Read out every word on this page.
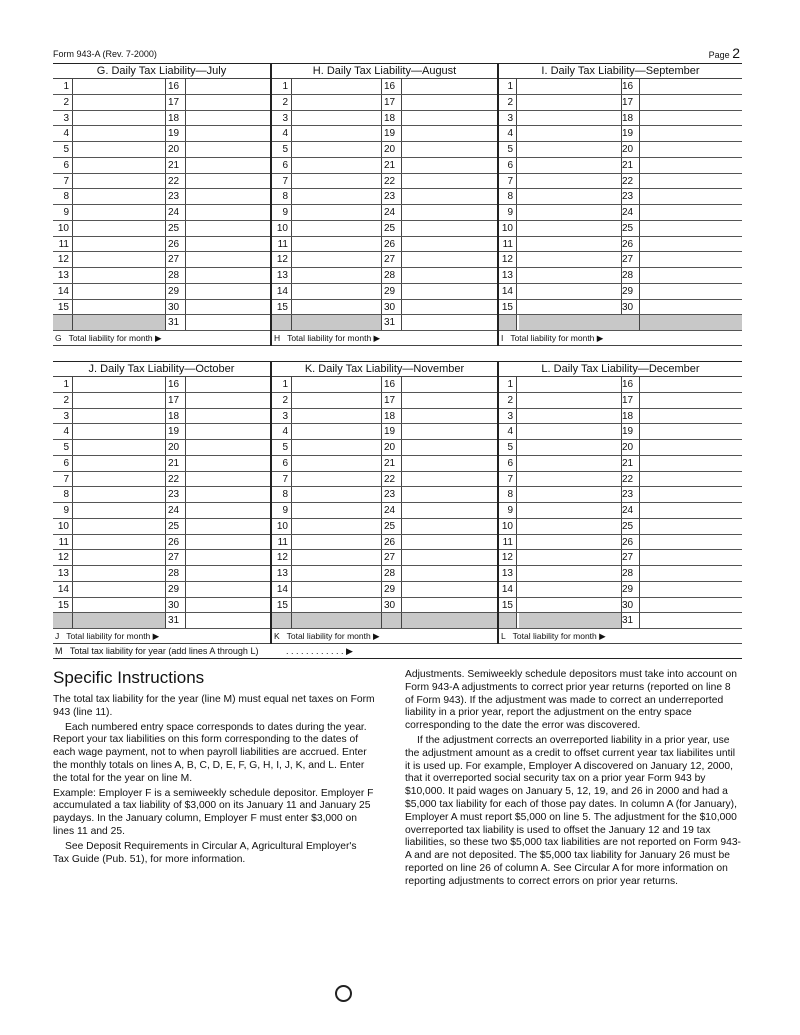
Form 943-A (Rev. 7-2000)	Page 2
G. Daily Tax Liability—July
1	16
2	17
3	18
4	19
5	20
6	21
7	22
8	23
9	24
10	25
11	26
12	27
13	28
14	29
15	30
31
G Total liability for month ▶
H. Daily Tax Liability—August
1	16
2	17
3	18
4	19
5	20
6	21
7	22
8	23
9	24
10	25
11	26
12	27
13	28
14	29
15	30
31
H Total liability for month ▶
I. Daily Tax Liability—September
1	16
2	17
3	18
4	19
5	20
6	21
7	22
8	23
9	24
10	25
11	26
12	27
13	28
14	29
15	30
I Total liability for month ▶
J. Daily Tax Liability—October
1	16
2	17
3	18
4	19
5	20
6	21
7	22
8	23
9	24
10	25
11	26
12	27
13	28
14	29
15	30
31
J Total liability for month ▶
K. Daily Tax Liability—November
1	16
2	17
3	18
4	19
5	20
6	21
7	22
8	23
9	24
10	25
11	26
12	27
13	28
14	29
15	30
K Total liability for month ▶
L. Daily Tax Liability—December
1	16
2	17
3	18
4	19
5	20
6	21
7	22
8	23
9	24
10	25
11	26
12	27
13	28
14	29
15	30
31
L Total liability for month ▶
M Total tax liability for year (add lines A through L)	. . . . . . . . . . . . ▶
Specific Instructions

The total tax liability for the year (line M) must equal net taxes on Form 943 (line 11).

Each numbered entry space corresponds to dates during the year. Report your tax liabilities on this form corresponding to the dates of each wage payment, not to when payroll liabilities are accrued. Enter the monthly totals on lines A, B, C, D, E, F, G, H, I, J, K, and L. Enter the total for the year on line M.

Example: Employer F is a semiweekly schedule depositor. Employer F accumulated a tax liability of $3,000 on its January 11 and January 25 paydays. In the January column, Employer F must enter $3,000 on lines 11 and 25.

See Deposit Requirements in Circular A, Agricultural Employer's Tax Guide (Pub. 51), for more information.

Adjustments. Semiweekly schedule depositors must take into account on Form 943-A adjustments to correct prior year returns (reported on line 8 of Form 943). If the adjustment was made to correct an underreported liability in a prior year, report the adjustment on the entry space corresponding to the date the error was discovered.

If the adjustment corrects an overreported liability in a prior year, use the adjustment amount as a credit to offset current year tax liabilites until it is used up. For example, Employer A discovered on January 12, 2000, that it overreported social security tax on a prior year Form 943 by $10,000. It paid wages on January 5, 12, 19, and 26 in 2000 and had a $5,000 tax liability for each of those pay dates. In column A (for January), Employer A must report $5,000 on line 5. The adjustment for the $10,000 overreported tax liability is used to offset the January 12 and 19 tax liabilities, so these two $5,000 tax liabilities are not reported on Form 943-A and are not deposited. The $5,000 tax liability for January 26 must be reported on line 26 of column A. See Circular A for more information on reporting adjustments to correct errors on prior year returns.
